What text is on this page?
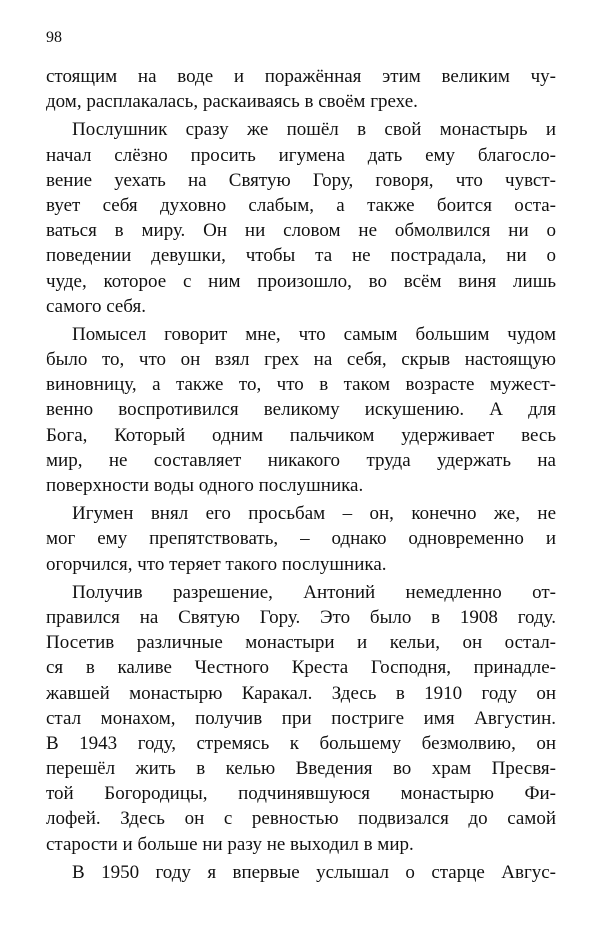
98
стоящим на воде и поражённая этим великим чу-
дом, расплакалась, раскаиваясь в своём грехе.
Послушник сразу же пошёл в свой монастырь и
начал слёзно просить игумена дать ему благосло-
вение уехать на Святую Гору, говоря, что чувст-
вует себя духовно слабым, а также боится оста-
ваться в миру. Он ни словом не обмолвился ни о
поведении девушки, чтобы та не пострадала, ни о
чуде, которое с ним произошло, во всём виня лишь
самого себя.
Помысел говорит мне, что самым большим чудом
было то, что он взял грех на себя, скрыв настоящую
виновницу, а также то, что в таком возрасте мужест-
венно воспротивился великому искушению. А для
Бога, Который одним пальчиком удерживает весь
мир, не составляет никакого труда удержать на
поверхности воды одного послушника.
Игумен внял его просьбам – он, конечно же, не
мог ему препятствовать, – однако одновременно и
огорчился, что теряет такого послушника.
Получив разрешение, Антоний немедленно от-
правился на Святую Гору. Это было в 1908 году.
Посетив различные монастыри и кельи, он остал-
ся в каливе Честного Креста Господня, принадле-
жавшей монастырю Каракал. Здесь в 1910 году он
стал монахом, получив при постриге имя Августин.
В 1943 году, стремясь к большему безмолвию, он
перешёл жить в келью Введения во храм Пресвя-
той Богородицы, подчинявшуюся монастырю Фи-
лофей. Здесь он с ревностью подвизался до самой
старости и больше ни разу не выходил в мир.
В 1950 году я впервые услышал о старце Авгус-
